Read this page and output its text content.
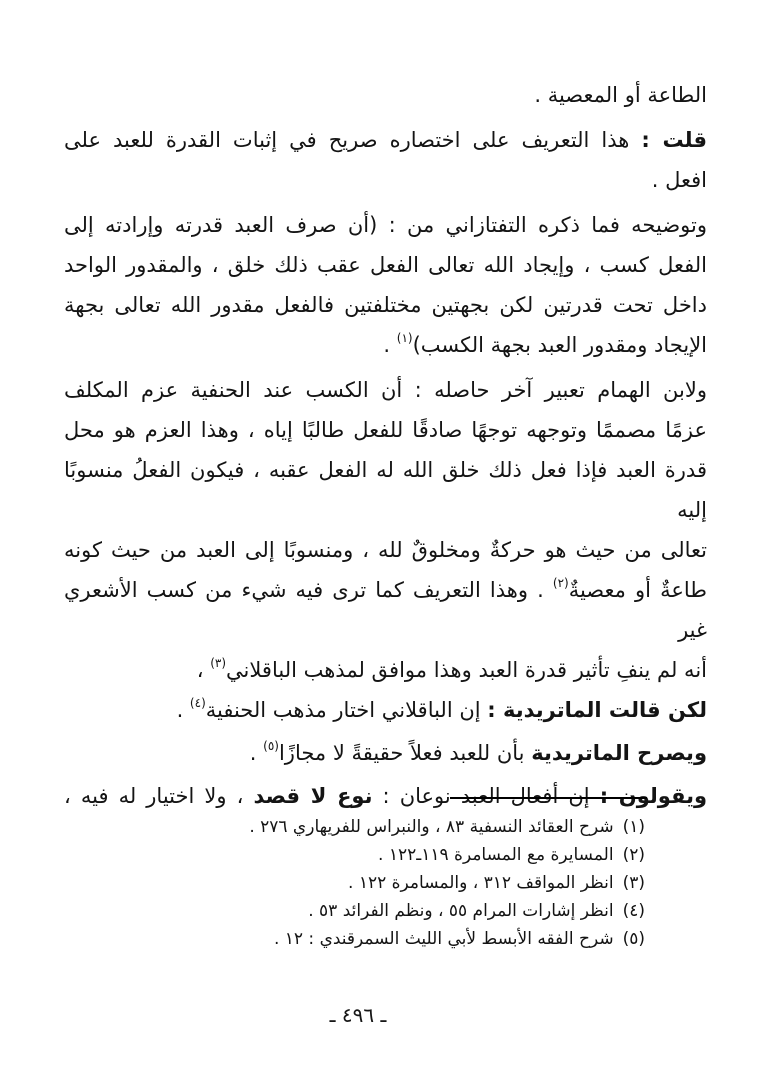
الطاعة أو المعصية .
قلت : هذا التعريف على اختصاره صريح في إثبات القدرة للعبد على
افعل .
وتوضيحه فما ذكره التفتازاني من : (أن صرف العبد قدرته وإرادته إلى
الفعل كسب ، وإيجاد الله تعالى الفعل عقب ذلك خلق ، والمقدور الواحد
داخل تحت قدرتين لكن بجهتين مختلفتين فالفعل مقدور الله تعالى بجهة
الإيجاد ومقدور العبد بجهة الكسب)$^{(١)}$ .
ولابن الهمام تعبير آخر حاصله : أن الكسب عند الحنفية عزم المكلف
عزمًا مصممًا وتوجهه توجهًا صادقًا للفعل طالبًا إياه ، وهذا العزم هو محل
قدرة العبد فإذا فعل ذلك خلق الله له الفعل عقبه ، فيكون الفعلُ منسوبًا إليه
تعالى من حيث هو حركةٌ ومخلوقٌ لله ، ومنسوبًا إلى العبد من حيث كونه
طاعةٌ أو معصيةٌ$^{(٢)}$ . وهذا التعريف كما ترى فيه شيء من كسب الأشعري غير
أنه لم ينفِ تأثير قدرة العبد وهذا موافق لمذهب الباقلاني$^{(٣)}$ ،
لكن قالت الماتريدية : إن الباقلاني اختار مذهب الحنفية$^{(٤)}$ .
ويصرح الماتريدية بأن للعبد فعلاً حقيقةً لا مجازًا$^{(٥)}$ .
ويقولون : إن أفعال العبد نوعان : نوع لا قصد ، ولا اختيار له فيه ،
(١)شرح العقائد النسفية ٨٣ ، والنبراس للفريهاري ٢٧٦ .
(٢)المسايرة مع المسامرة ١١٩ـ١٢٢ .
(٣)انظر المواقف ٣١٢ ، والمسامرة ١٢٢ .
(٤)انظر إشارات المرام ٥٥ ، ونظم الفرائد ٥٣ .
(٥)شرح الفقه الأبسط لأبي الليث السمرقندي : ١٢ .
ـ ٤٩٦ ـ
